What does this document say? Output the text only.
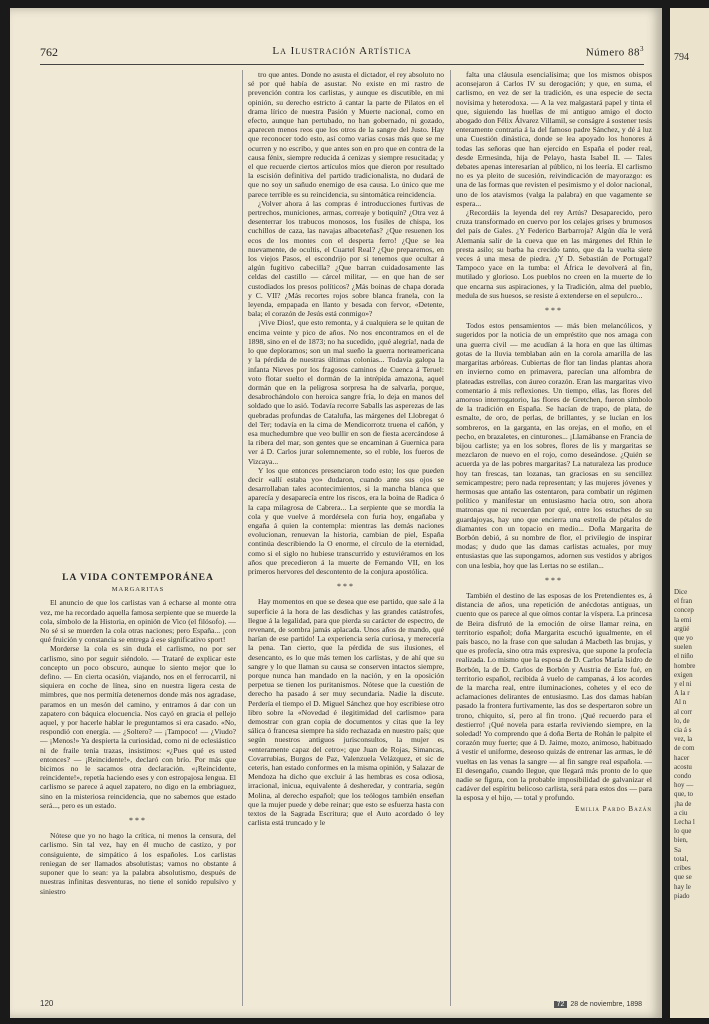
762	La Ilustración Artística	Número $88^3$
LA VIDA CONTEMPORÁNEA
MARGARITAS

El anuncio de que los carlistas van á echarse al monte otra vez, me ha recordado aquella famosa serpiente que se muerde la cola, símbolo de la Historia, en opinión de Vico (el filósofo). — No sé si se muerden la cola otras naciones; pero España... ¡con qué fruición y constancia se entrega á ese significativo sport!

Morderse la cola es sin duda el carlismo, no por ser carlismo, sino por seguir siéndolo. — Trataré de explicar este concepto un poco obscuro, aunque lo siento mejor que lo defino. — En cierta ocasión, viajando, nos en el ferrocarril, ni siquiera en coche de línea, sino en nuestra ligera cesta de mimbres, que nos permitía detenernos donde más nos agradase, paramos en un mesón del camino, y entramos á dar con un zapatero con báquica elocuencia. Nos cayó en gracia el pellejo aquel, y por hacerle hablar le preguntamos si era casado. «No, respondió con energía. — ¿Soltero? — ¡Tampoco! — ¿Viudo? — ¡Menos!» Ya despierta la curiosidad, como ni de eclesiástico ni de fraile tenía trazas, insistimos: «¿Pues qué es usted entonces? — ¡Reincidente!», declaró con brío. Por más que bicimos no le sacamos otra declaración. «¡Reincidente, reincidente!», repetía haciendo eses y con estropajosa lengua. El carlismo se parece á aquel zapatero, no digo en la embriaguez, sino en la misteriosa reincidencia, que no sabemos que estado será..., pero es un estado.

***

Nótese que yo no hago la crítica, ni menos la censura, del carlismo. Sin tal vez, hay en él mucho de castizo, y por consiguiente, de simpático á los españoles. Los carlistas reniegan de ser llamados absolutistas; vamos no obstante á suponer que lo sean: ya la palabra absolutismo, después de nuestras infinitas desventuras, no tiene el sonido repulsivo y siniestro

tro que antes. Donde no asusta el dictador, el rey absoluto no sé por qué había de asustar. No existe en mi rastro de prevención contra los carlistas, y aunque es discutible, en mi opinión, su derecho estricto á cantar la parte de Pilatos en el drama lírico de nuestra Pasión y Muerte nacional, como en efecto, aunque han pertubado, no han gobernado, ni gozado, aparecen menos reos que los otros de la sangre del Justo. Hay que reconocer todo esto, así como varias cosas más que se me ocurren y no escribo, y que antes son en pro que en contra de la causa fénix, siempre reducida á cenizas y siempre resucitada; y el que recuerde ciertos artículos míos que dieron por resultado la escisión definitiva del partido tradicionalista, no dudará de que no soy un sañudo enemigo de esa causa. Lo único que me parece terrible es su reincidencia, su sintomática reincidencia.

¿Volver ahora á las compras é introducciones furtivas de pertrechos, municiones, armas, correaje y botiquín? ¿Otra vez á desenterrar los trabucos monosos, los fusiles de chispa, los cuchillos de caza, las navajas albaceteñas? ¿Que resuenen los ecos de los montes con el desperta ferro! ¿Que se lea nuevamente, de ocultis, el Cuartel Real? ¿Que preparemos, en los viejos Pasos, el escondrijo por si tenemos que ocultar á algún fugitivo cabecilla? ¿Que barran cuidadosamente las celdas del castillo — cárcel militar, — en que han de ser custodiados los presos políticos? ¿Más boinas de chapa dorada y C. VII? ¿Más recortes rojos sobre blanca franela, con la leyenda, empapada en llanto y besada con fervor, «Detente, bala; el corazón de Jesús está conmigo»?

¡Vive Dios!, que esto remonta, y á cualquiera se le quitan de encima veinte y pico de años. No nos encontramos en el de 1898, sino en el de 1873; no ha sucedido, ¡qué alegría!, nada de lo que deploramos; son un mal sueño la guerra norteamericana y la pérdida de nuestras últimas colonias... Todavía galopa la infanta Nieves por los fragosos caminos de Cuenca á Teruel: voto flotar suelto el dormán de la intrépida amazona, aquel dormán que en la peligrosa sorpresa ha de salvarla, porque, desabrochándolo con heroica sangre fría, lo deja en manos del soldado que lo asió. Todavía recorre Saballs las asperezas de las quebradas profundas de Cataluña, las márgenes del Llobregat ó del Ter; todavía en la cima de Mendicorrotz truena el cañón, y esa muchedumbre que veo bullir en son de fiesta acercándose á la ribera del mar, son gentes que se encaminan á Guernica para ver á D. Carlos jurar solemnemente, so el roble, los fueros de Vizcaya...

Y los que entonces presenciaron todo esto; los que pueden decir «allí estaba yo» dudaron, cuando ante sus ojos se desarrollaban tales acontecimientos, si la mancha blanca que aparecía y desaparecía entre los riscos, era la boina de Radica ó la capa milagrosa de Cabrera... La serpiente que se mordía la cola y que vuelve á mordérsela con furia hoy, engañaba y engaña á quien la contempla: mientras las demás naciones evolucionan, renuevan la historia, cambian de piel, España continúa describiendo la O enorme, el círculo de la eternidad, como si el siglo no hubiese transcurrido y estuviéramos en los años que precedieron á la muerte de Fernando VII, en los primeros hervores del descontento de la conjura apostólica.

***

Hay momentos en que se desea que ese partido, que sale á la superficie á la hora de las desdichas y las grandes catástrofes, llegue á la legalidad, para que pierda su carácter de espectro, de revenant, de sombra jamás aplacada. Unos años de mando, qué harían de ese partido! La experiencia sería curiosa, y merecería la pena. Tan cierto, que la pérdida de sus ilusiones, el desencanto, es lo que más temen los carlistas, y de ahí que su sangre y lo que llaman su causa se conserven intactos siempre, porque nunca han mandado en la nación, y en la oposición perpetua se tienen los puritanismos. Nótese que la cuestión de derecho ha pasado á ser muy secundaria. Nadie la discute. Perdería el tiempo el D. Miguel Sánchez que hoy escribiese otro libro sobre la «Novedad é ilegitimidad del carlismo» para demostrar con gran copia de documentos y citas que la ley sálica ó francesa siempre ha sido rechazada en nuestro país; que según nuestros antiguos jurisconsultos, la mujer es «enteramente capaz del cetro»; que Juan de Rojas, Simancas, Covarrubias, Burgos de Paz, Valenzuela Velázquez, et sic de ceteris, han estado conformes en la misma opinión, y Salazar de Mendoza ha dicho que excluir á las hembras es cosa odiosa, irracional, inicua, equivalente á desheredar, y contraria, según Molina, al derecho español; que los teólogos también enseñan que la mujer puede y debe reinar; que esto se esfuerza hasta con textos de la Sagrada Escritura; que el Auto acordado ó ley carlista está truncado y le

falta una cláusula esencialísima; que los mismos obispos aconsejaron á Carlos IV su derogación; y que, en suma, el carlismo, en vez de ser la tradición, es una especie de secta novísima y heterodoxa. — A la vez malgastará papel y tinta el que, siguiendo las huellas de mi antiguo amigo el docto abogado don Félix Álvarez Villamil, se conságre á sostener tesis enteramente contraria á la del famoso padre Sánchez, y dé á luz una Cuestión dinástica, donde se lea apoyado los honores á todas las señoras que han ejercido en España el poder real, desde Ermesinda, hija de Pelayo, hasta Isabel II. — Tales debates apenas interesarían al público, ni los leería. El carlismo no es ya pleito de sucesión, reivindicación de mayorazgo: es una de las formas que revisten el pesimismo y el dolor nacional, uno de los atavismos (valga la palabra) en que vagamente se espera...

¿Recordáis la leyenda del rey Artús? Desaparecido, pero cruza transformado en cuervo por los celajes grises y brumosos del país de Gales. ¿Y Federico Barbarroja? Algún día le verá Alemania salir de la cueva que en las márgenes del Rhin le presta asilo; su barba ha crecido tanto, que da la vuelta siete veces á una mesa de piedra. ¿Y D. Sebastián de Portugal? Tampoco yace en la tumba: el África le devolverá al fin, mutilado y glorioso. Los pueblos no creen en la muerte de lo que encarna sus aspiraciones, y la Tradición, alma del pueblo, medula de sus huesos, se resiste á extenderse en el sepulcro...

***

Todos estos pensamientos — más bien melancólicos, y sugeridos por la noticia de un empréstito que nos amaga con una guerra civil — me acudían á la hora en que las últimas gotas de la lluvia temblaban aún en la corola amarilla de las margaritas arbóreas. Cubiertas de flor tan lindas plantas ahora en invierno como en primavera, parecían una alfombra de plateadas estrellas, con áureo corazón. Eran las margaritas vivo comentario á mis reflexiones. Un tiempo, ellas, las flores del amoroso interrogatorio, las flores de Gretchen, fueron símbolo de la tradición en España. Se hacían de trapo, de plata, de esmalte, de oro, de perlas, de brillantes, y se lucían en los sombreros, en la garganta, en las orejas, en el moño, en el pecho, en brazaletes, en cinturones... ¡Llamábanse en Francia de bijou carliste; ya en los sobres, flores de lis y margaritas se mezclaron de nuevo en el rojo, como deseándose. ¿Quién se acuerda ya de las pobres margaritas? La naturaleza las produce hoy tan frescas, tan lozanas, tan graciosas en su sencillez semicampestre; pero nada representan; y las mujeres jóvenes y hermosas que antaño las ostentaron, para combatir un régimen político y manifestar un entusiasmo hacia otro, son ahora matronas que ni recuerdan por qué, entre los estuches de su guardajoyas, hay uno que encierra una estrella de pétalos de diamantes con un topacio en medio... Doña Margarita de Borbón debió, á su nombre de flor, el privilegio de inspirar modas; y dudo que las damas carlistas actuales, por muy entusiastas que las supongamos, adornen sus vestidos y abrigos con una lesbia, hoy que las Lertas no se estilan...

***

También el destino de las esposas de los Pretendientes es, á distancia de años, una repetición de anécdotas antiguas, un cuento que os parece al que oímos contar la víspera. La princesa de Beira disfrutó de la emoción de oírse llamar reina, en territorio español; doña Margarita escuchó igualmente, en el país basco, no la frase con que saludan á Macbeth las brujas, y que es profecía, sino otra más expresiva, que supone la profecía realizada. Lo mismo que la esposa de D. Carlos María Isidro de Borbón, la de D. Carlos de Borbón y Austria de Este fué, en territorio español, recibida á vuelo de campanas, á los acordes de la marcha real, entre iluminaciones, cohetes y el eco de aclamaciones delirantes de entusiasmo. Las dos damas habían pasado la frontera furtivamente, las dos se despertaron sobre un trono, chiquito, sí, pero al fin trono. ¡Qué recuerdo para el destierro! ¡Qué novela para estarla reviviendo siempre, en la soledad! Yo comprendo que á doña Berta de Rohán le palpite el corazón muy fuerte; que á D. Jaime, mozo, animoso, habituado á vestir el uniforme, deseoso quizás de entrenar las armas, le dé vueltas en las venas la sangre — al fin sangre real española. — El desengaño, cuando llegue, que llegará más pronto de lo que nadie se figura, con la probable imposibilidad de galvanizar el cadáver del espíritu belicoso carlista, será para estos dos — para la esposa y el hijo, — total y profundo.

Emilia Pardo Bazán
120	72 28 de noviembre, 1898
794
Dice
el fran
concep
la emi
argüé
que yo
suelen
el niño
hombre
exigen
y el ni
A la r
Al n
al corr
lo, de
cia á s
vez, la
de com
hacer
acostu
condo
hoy —
que, to
¡ha de
a ciu
Lecha l
lo que
bien,
Sa
total,
cribes
que se
hay le
piado
